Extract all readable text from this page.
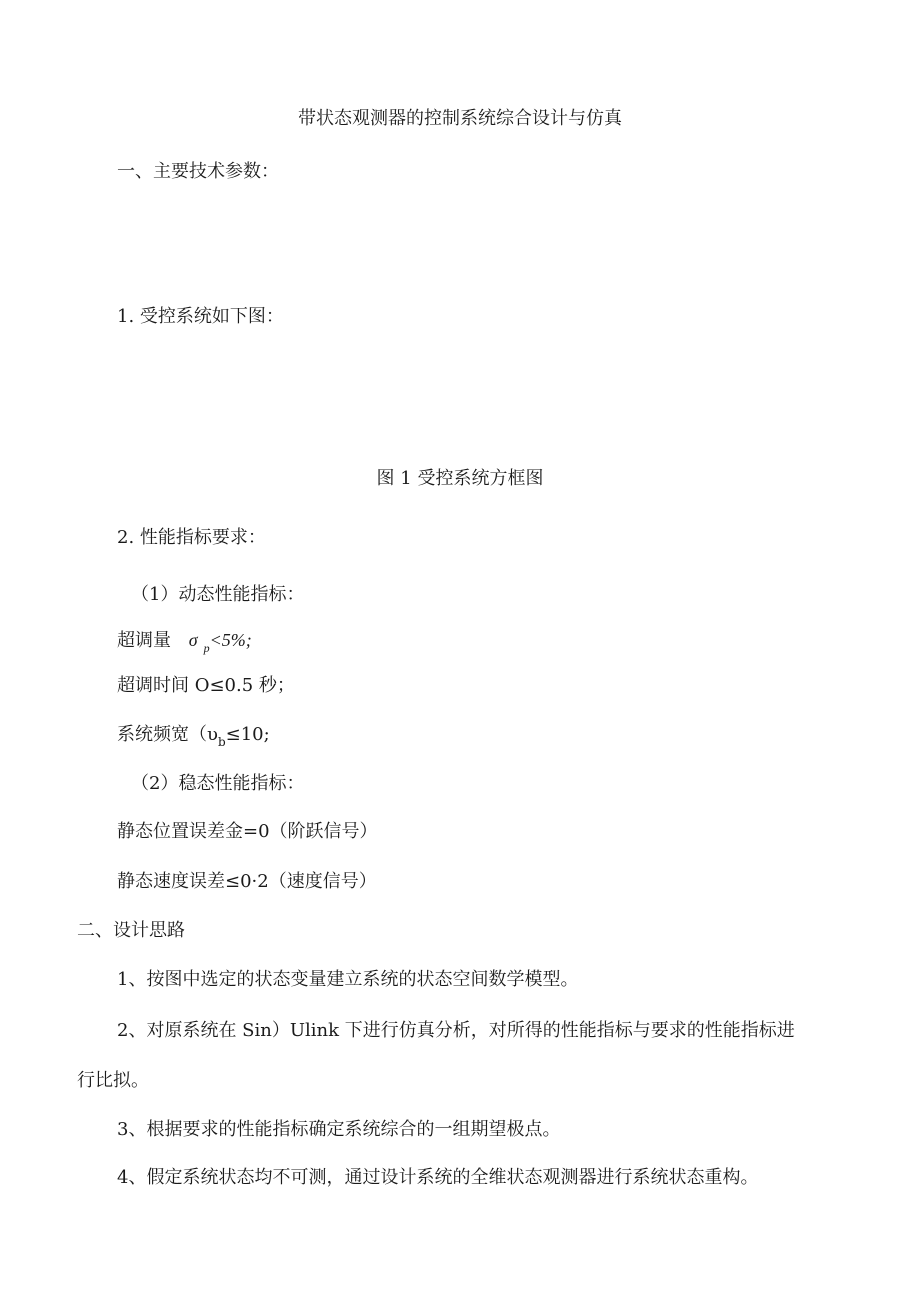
带状态观测器的控制系统综合设计与仿真
一、主要技术参数：
1. 受控系统如下图：
图 1 受控系统方框图
2. 性能指标要求：
（1）动态性能指标：
超调量 σ $_p$<5%;
超调时间 O≤0.5 秒；
系统频宽（$\upsilon_b\le 10$;
（2）稳态性能指标：
静态位置误差金=0（阶跃信号）
静态速度误差≤0·2（速度信号）
二、设计思路
1、按图中选定的状态变量建立系统的状态空间数学模型。
2、对原系统在 Sin）Ulink 下进行仿真分析，对所得的性能指标与要求的性能指标进
行比拟。
3、根据要求的性能指标确定系统综合的一组期望极点。
4、假定系统状态均不可测，通过设计系统的全维状态观测器进行系统状态重构。
